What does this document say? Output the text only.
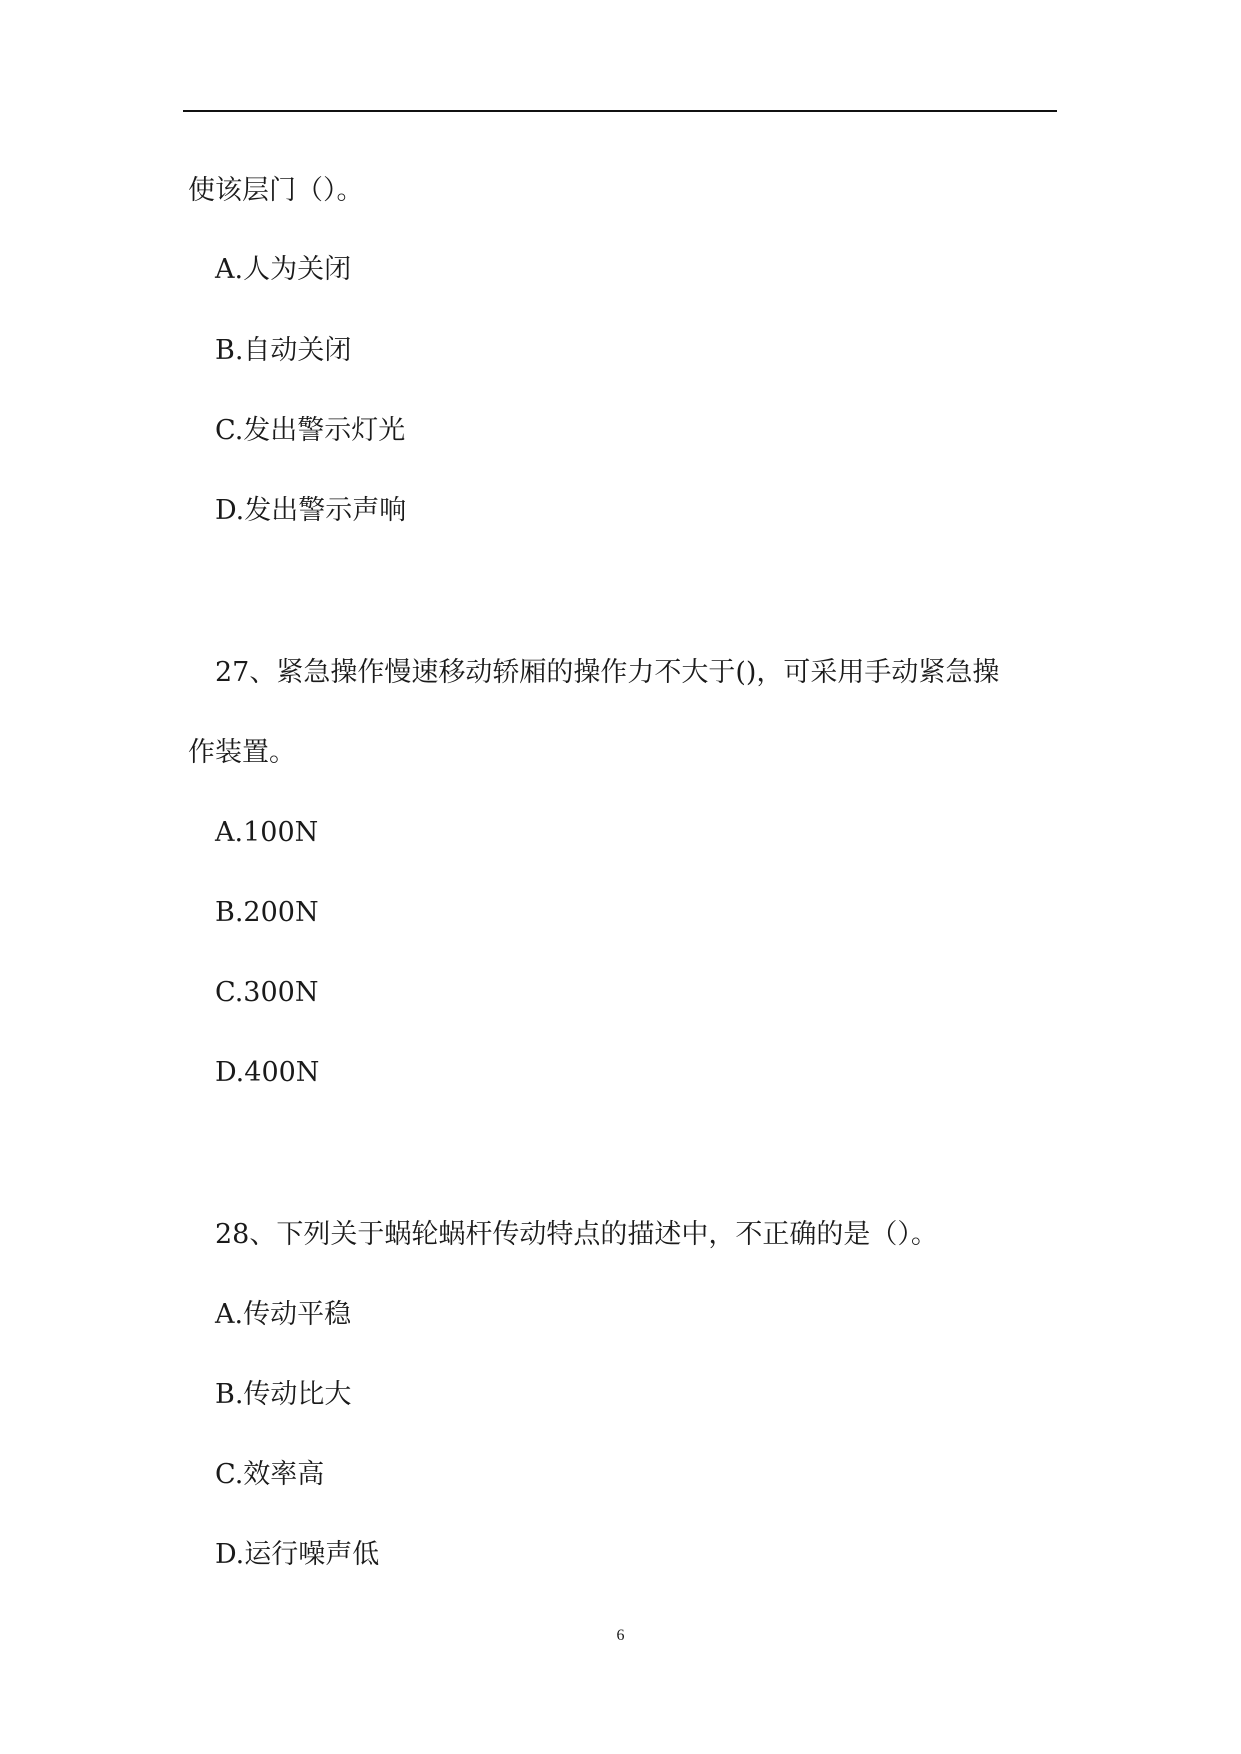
使该层门（）。
A.人为关闭
B.自动关闭
C.发出警示灯光
D.发出警示声响
27、紧急操作慢速移动轿厢的操作力不大于()，可采用手动紧急操
作装置。
A.100N
B.200N
C.300N
D.400N
28、下列关于蜗轮蜗杆传动特点的描述中，不正确的是（）。
A.传动平稳
B.传动比大
C.效率高
D.运行噪声低
6
